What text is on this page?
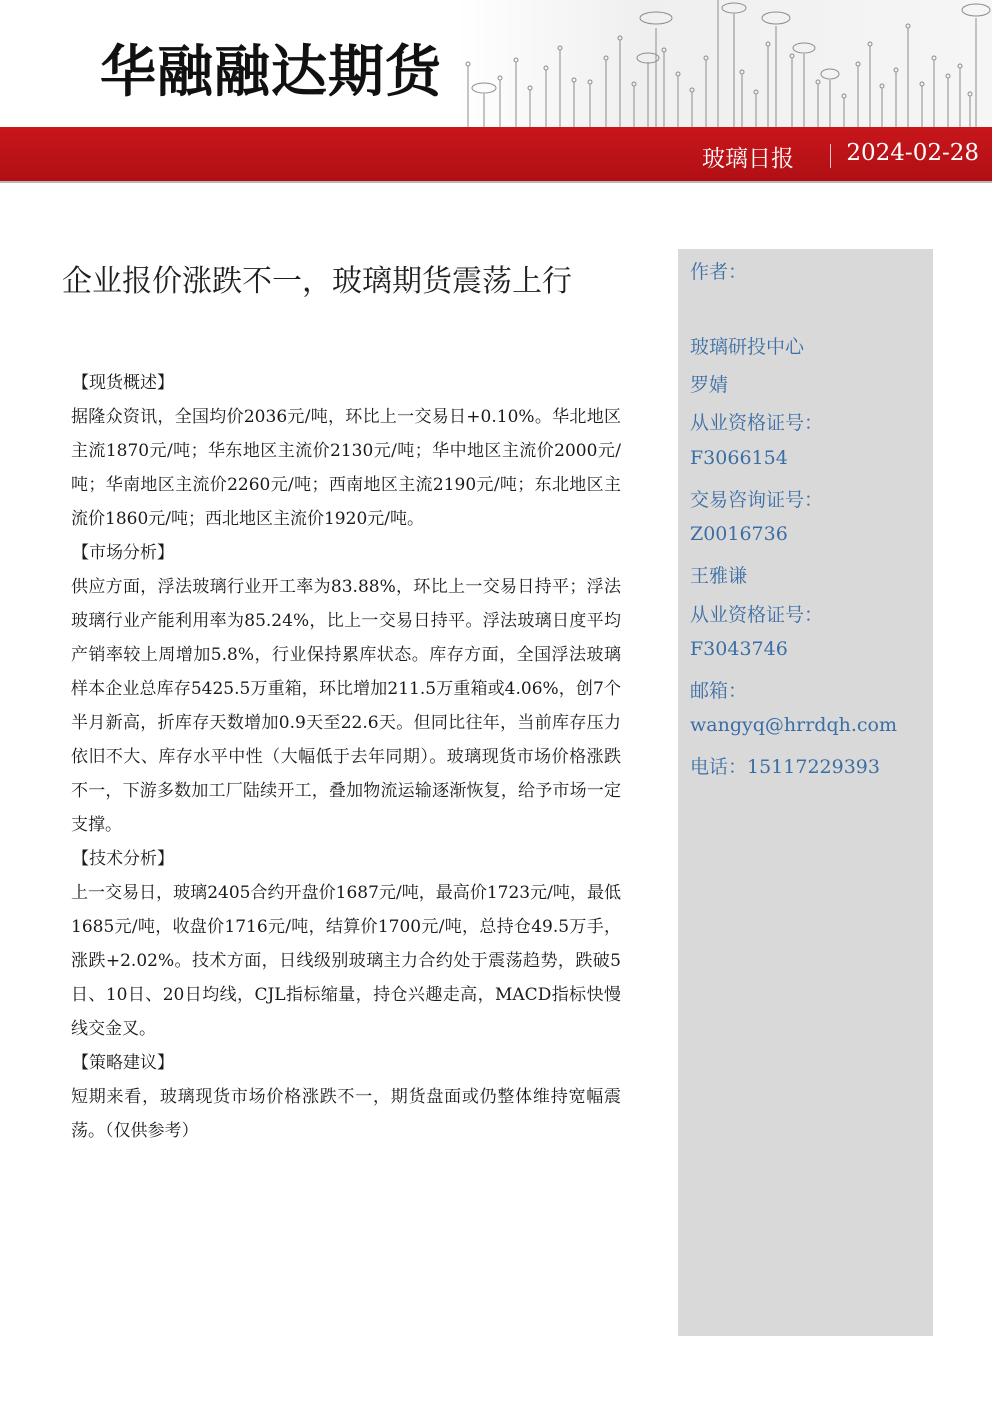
华融融达期货
玻璃日报 2024-02-28
企业报价涨跌不一，玻璃期货震荡上行
【现货概述】
据隆众资讯，全国均价2036元/吨，环比上一交易日+0.10%。华北地区主流1870元/吨；华东地区主流价2130元/吨；华中地区主流价2000元/吨；华南地区主流价2260元/吨；西南地区主流2190元/吨；东北地区主流价1860元/吨；西北地区主流价1920元/吨。
【市场分析】
供应方面，浮法玻璃行业开工率为83.88%，环比上一交易日持平；浮法玻璃行业产能利用率为85.24%，比上一交易日持平。浮法玻璃日度平均产销率较上周增加5.8%，行业保持累库状态。库存方面，全国浮法玻璃样本企业总库存5425.5万重箱，环比增加211.5万重箱或4.06%，创7个半月新高，折库存天数增加0.9天至22.6天。但同比往年，当前库存压力依旧不大、库存水平中性（大幅低于去年同期）。玻璃现货市场价格涨跌不一，下游多数加工厂陆续开工，叠加物流运输逐渐恢复，给予市场一定支撑。
【技术分析】
上一交易日，玻璃2405合约开盘价1687元/吨，最高价1723元/吨，最低1685元/吨，收盘价1716元/吨，结算价1700元/吨，总持仓49.5万手，涨跌+2.02%。技术方面，日线级别玻璃主力合约处于震荡趋势，跌破5日、10日、20日均线，CJL指标缩量，持仓兴趣走高，MACD指标快慢线交金叉。
【策略建议】
短期来看，玻璃现货市场价格涨跌不一，期货盘面或仍整体维持宽幅震荡。（仅供参考）
作者：
玻璃研投中心
罗婧
从业资格证号：
F3066154
交易咨询证号：
Z0016736
王雅谦
从业资格证号：
F3043746
邮箱：
wangyq@hrrdqh.com
电话：15117229393
